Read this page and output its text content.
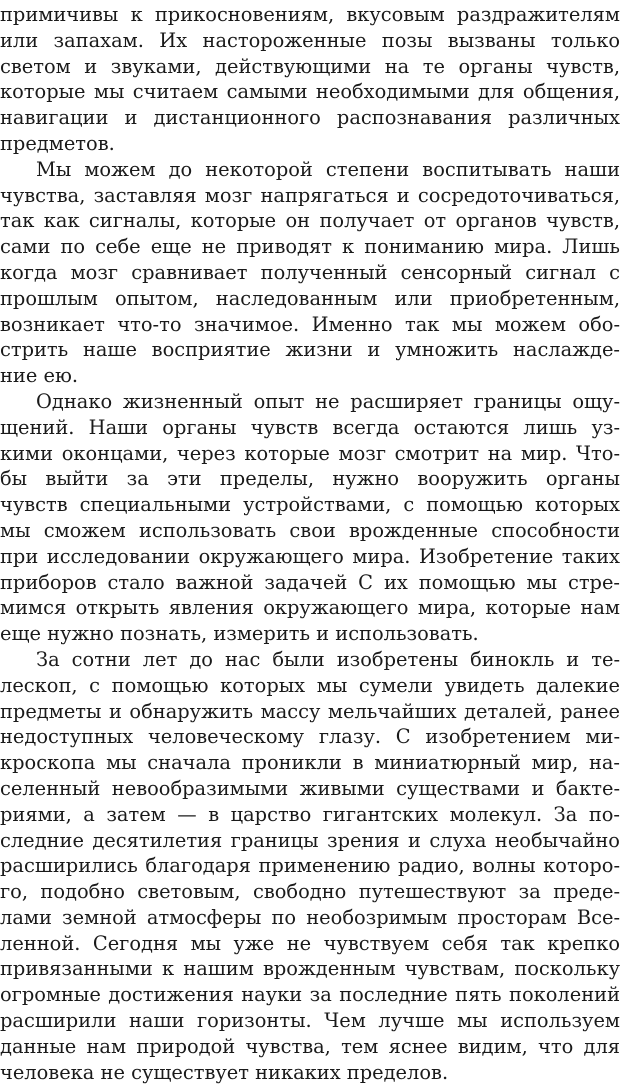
примичивы к прикосновениям, вкусовым раздражителям
или запахам. Их настороженные позы вызваны только
светом и звуками, действующими на те органы чувств,
которые мы считаем самыми необходимыми для общения,
навигации и дистанционного распознавания различных
предметов.
Мы можем до некоторой степени воспитывать наши
чувства, заставляя мозг напрягаться и сосредоточиваться,
так как сигналы, которые он получает от органов чувств,
сами по себе еще не приводят к пониманию мира. Лишь
когда мозг сравнивает полученный сенсорный сигнал с
прошлым опытом, наследованным или приобретенным,
возникает что-то значимое. Именно так мы можем обо-
стрить наше восприятие жизни и умножить наслажде-
ние ею.
Однако жизненный опыт не расширяет границы ощу-
щений. Наши органы чувств всегда остаются лишь уз-
кими оконцами, через которые мозг смотрит на мир. Что-
бы выйти за эти пределы, нужно вооружить органы
чувств специальными устройствами, с помощью которых
мы сможем использовать свои врожденные способности
при исследовании окружающего мира. Изобретение таких
приборов стало важной задачей С их помощью мы стре-
мимся открыть явления окружающего мира, которые нам
еще нужно познать, измерить и использовать.
За сотни лет до нас были изобретены бинокль и те-
лескоп, с помощью которых мы сумели увидеть далекие
предметы и обнаружить массу мельчайших деталей, ранее
недоступных человеческому глазу. С изобретением ми-
кроскопа мы сначала проникли в миниатюрный мир, на-
селенный невообразимыми живыми существами и бакте-
риями, а затем — в царство гигантских молекул. За по-
следние десятилетия границы зрения и слуха необычайно
расширились благодаря применению радио, волны которо-
го, подобно световым, свободно путешествуют за преде-
лами земной атмосферы по необозримым просторам Все-
ленной. Сегодня мы уже не чувствуем себя так крепко
привязанными к нашим врожденным чувствам, поскольку
огромные достижения науки за последние пять поколений
расширили наши горизонты. Чем лучше мы используем
данные нам природой чувства, тем яснее видим, что для
человека не существует никаких пределов.
